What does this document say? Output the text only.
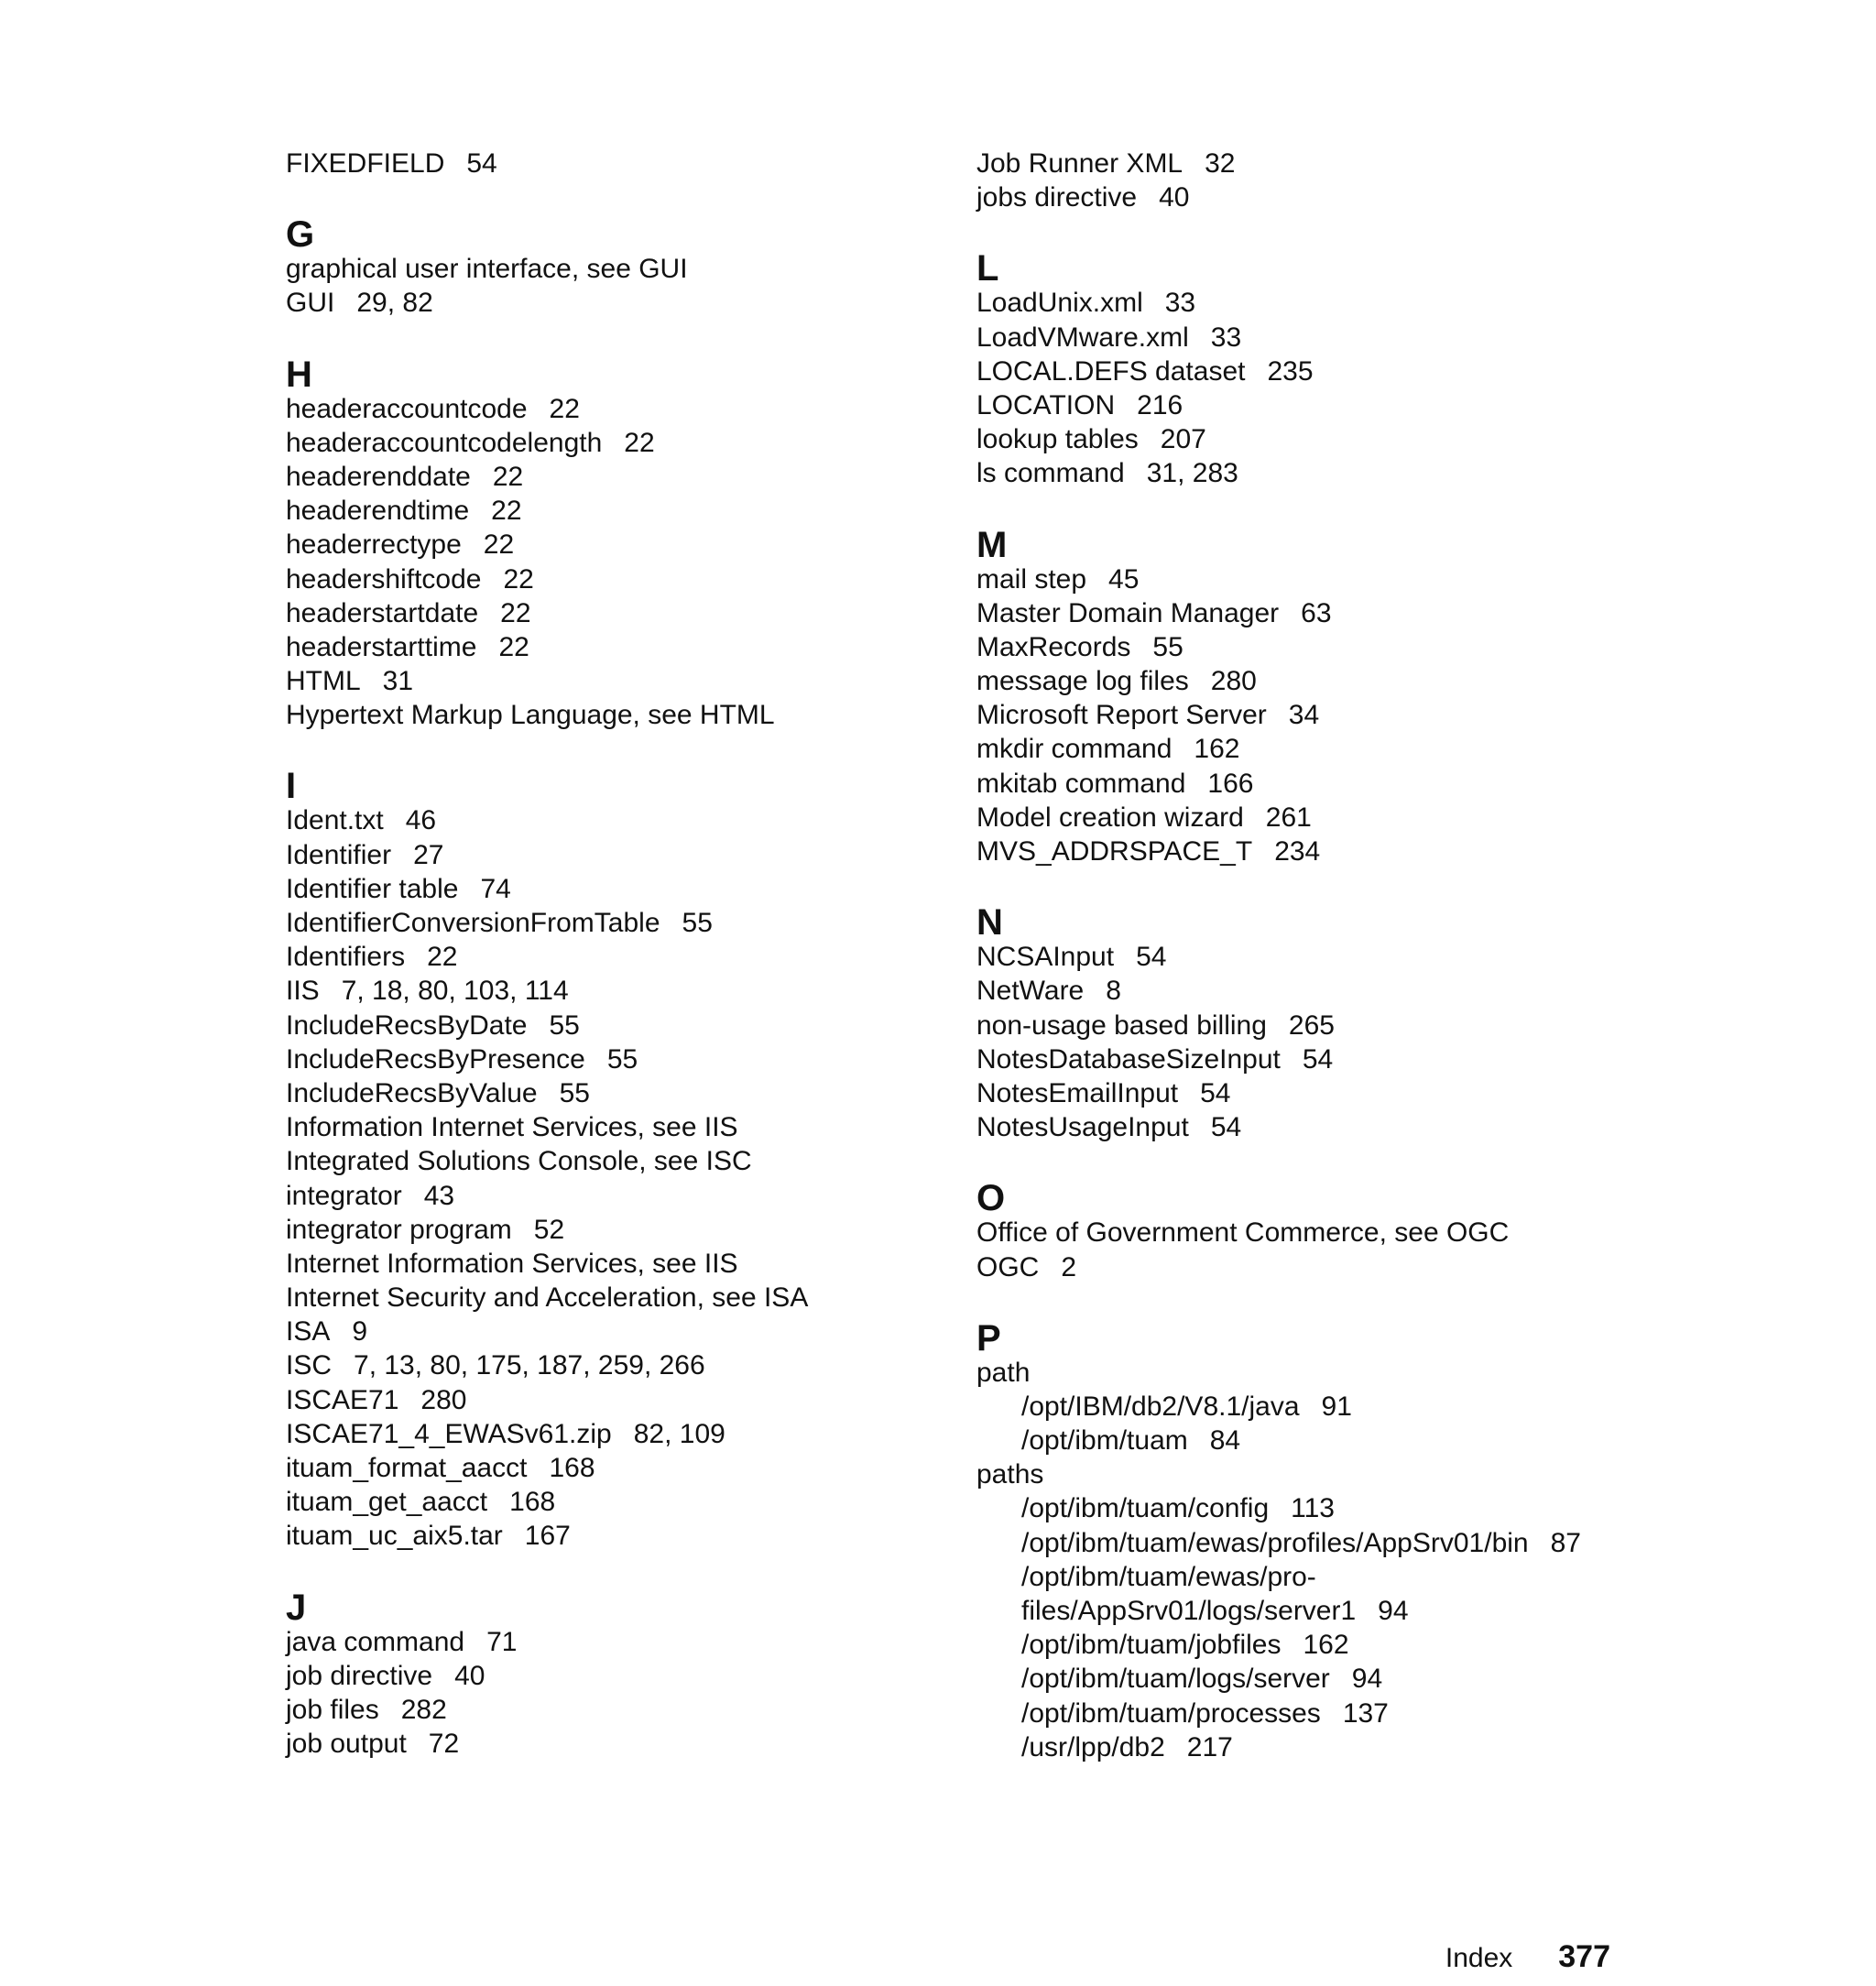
FIXEDFIELD 54
G
graphical user interface, see GUI
GUI 29, 82
H
headeraccountcode 22
headeraccountcodelength 22
headerenddate 22
headerendtime 22
headerrectype 22
headershiftcode 22
headerstartdate 22
headerstarttime 22
HTML 31
Hypertext Markup Language, see HTML
I
Ident.txt 46
Identifier 27
Identifier table 74
IdentifierConversionFromTable 55
Identifiers 22
IIS 7, 18, 80, 103, 114
IncludeRecsByDate 55
IncludeRecsByPresence 55
IncludeRecsByValue 55
Information Internet Services, see IIS
Integrated Solutions Console, see ISC
integrator 43
integrator program 52
Internet Information Services, see IIS
Internet Security and Acceleration, see ISA
ISA 9
ISC 7, 13, 80, 175, 187, 259, 266
ISCAE71 280
ISCAE71_4_EWASv61.zip 82, 109
ituam_format_aacct 168
ituam_get_aacct 168
ituam_uc_aix5.tar 167
J
java command 71
job directive 40
job files 282
job output 72
Job Runner XML 32
jobs directive 40
L
LoadUnix.xml 33
LoadVMware.xml 33
LOCAL.DEFS dataset 235
LOCATION 216
lookup tables 207
ls command 31, 283
M
mail step 45
Master Domain Manager 63
MaxRecords 55
message log files 280
Microsoft Report Server 34
mkdir command 162
mkitab command 166
Model creation wizard 261
MVS_ADDRSPACE_T 234
N
NCSAInput 54
NetWare 8
non-usage based billing 265
NotesDatabaseSizeInput 54
NotesEmailInput 54
NotesUsageInput 54
O
Office of Government Commerce, see OGC
OGC 2
P
path
/opt/IBM/db2/V8.1/java 91
/opt/ibm/tuam 84
paths
/opt/ibm/tuam/config 113
/opt/ibm/tuam/ewas/profiles/AppSrv01/bin 87
/opt/ibm/tuam/ewas/pro-
files/AppSrv01/logs/server1 94
/opt/ibm/tuam/jobfiles 162
/opt/ibm/tuam/logs/server 94
/opt/ibm/tuam/processes 137
/usr/lpp/db2 217

Index 377
